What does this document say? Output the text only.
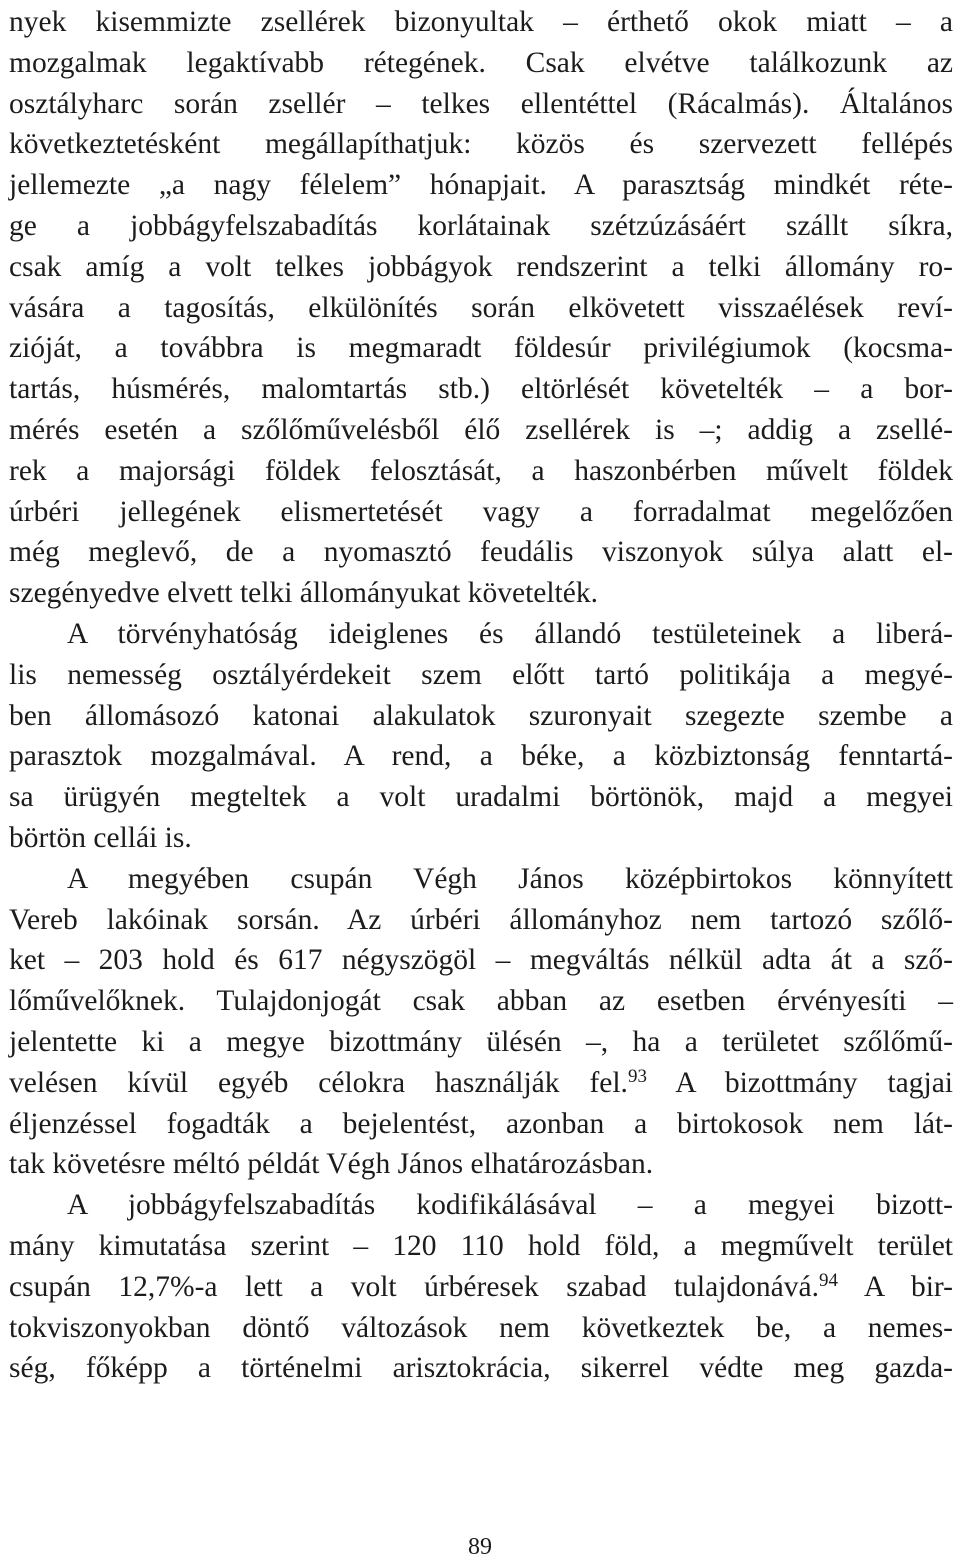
nyek kisemmizte zsellérek bizonyultak – érthető okok miatt – a
mozgalmak legaktívabb rétegének. Csak elvétve találkozunk az
osztályharc során zsellér – telkes ellentéttel (Rácalmás). Általános
következtetésként megállapíthatjuk: közös és szervezett fellépés
jellemezte „a nagy félelem” hónapjait. A parasztság mindkét réte-
ge a jobbágyfelszabadítás korlátainak szétzúzásáért szállt síkra,
csak amíg a volt telkes jobbágyok rendszerint a telki állomány ro-
vására a tagosítás, elkülönítés során elkövetett visszaélések reví-
zióját, a továbbra is megmaradt földesúr privilégiumok (kocsma-
tartás, húsmérés, malomtartás stb.) eltörlését követelték – a bor-
mérés esetén a szőlőművelésből élő zsellérek is –; addig a zsellé-
rek a majorsági földek felosztását, a haszonbérben művelt földek
úrbéri jellegének elismertetését vagy a forradalmat megelőzően
még meglevő, de a nyomasztó feudális viszonyok súlya alatt el-
szegényedve elvett telki állományukat követelték.
A törvényhatóság ideiglenes és állandó testületeinek a liberá-
lis nemesség osztályérdekeit szem előtt tartó politikája a megyé-
ben állomásozó katonai alakulatok szuronyait szegezte szembe a
parasztok mozgalmával. A rend, a béke, a közbiztonság fenntartá-
sa ürügyén megteltek a volt uradalmi börtönök, majd a megyei
börtön cellái is.
A megyében csupán Végh János középbirtokos könnyített
Vereb lakóinak sorsán. Az úrbéri állományhoz nem tartozó szőlő-
ket – 203 hold és 617 négyszögöl – megváltás nélkül adta át a sző-
lőművelőknek. Tulajdonjogát csak abban az esetben érvényesíti –
jelentette ki a megye bizottmány ülésén –, ha a területet szőlőmű-
velésen kívül egyéb célokra használják fel.$^{93}$ A bizottmány tagjai
éljenzéssel fogadták a bejelentést, azonban a birtokosok nem lát-
tak követésre méltó példát Végh János elhatározásban.
A jobbágyfelszabadítás kodifikálásával – a megyei bizott-
mány kimutatása szerint – 120 110 hold föld, a megművelt terület
csupán 12,7%-a lett a volt úrbéresek szabad tulajdonává.$^{94}$ A bir-
tokviszonyokban döntő változások nem következtek be, a nemes-
ség, főképp a történelmi arisztokrácia, sikerrel védte meg gazda-
89
